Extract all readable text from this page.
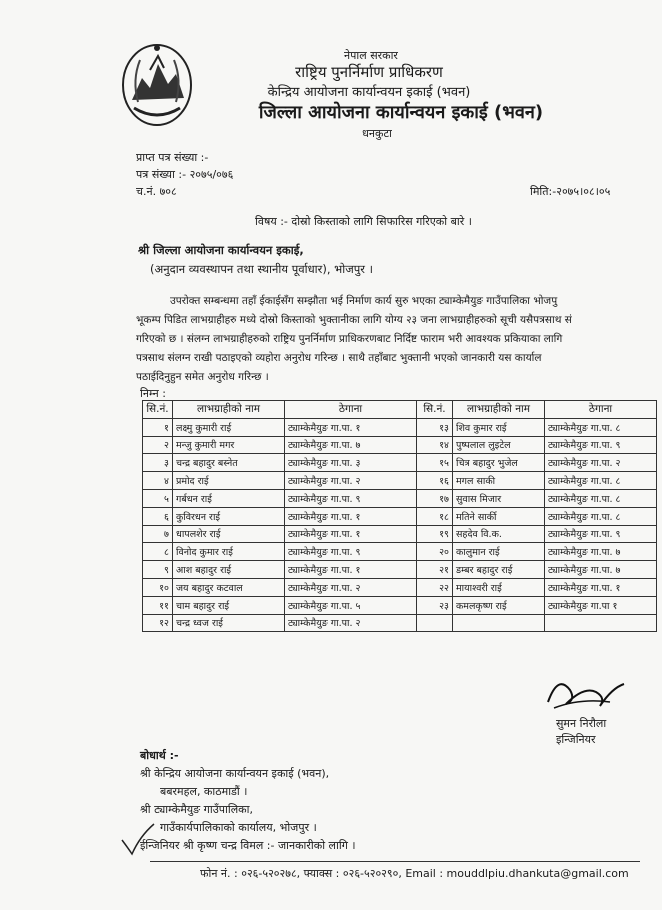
नेपाल सरकार
राष्ट्रिय पुनर्निर्माण प्राधिकरण
केन्द्रिय आयोजना कार्यान्वयन इकाई (भवन)
जिल्ला आयोजना कार्यान्वयन इकाई (भवन)
धनकुटा
प्राप्त पत्र संख्या :-
पत्र संख्या :- २०७५/०७६
च.नं. ७०८	मिति:-२०७५।०८।०५
विषय :- दोस्रो किस्ताको लागि सिफारिस गरिएको बारे ।
श्री जिल्ला आयोजना कार्यान्वयन इकाई,
(अनुदान व्यवस्थापन तथा स्थानीय पूर्वाधार), भोजपुर ।
उपरोक्त सम्बन्धमा तहाँ ईकाईसँग सम्झौता भई निर्माण कार्य सुरु भएका ट्याम्केमैयुङ गाउँपालिका भोजपु
भूकम्प पिडित लाभग्राहीहरु मध्ये दोस्रो किस्ताको भुक्तानीका लागि योग्य २३ जना लाभग्राहीहरुको सूची यसैपत्रसाथ सं
गरिएको छ । संलग्न लाभग्राहीहरुको राष्ट्रिय पुनर्निर्माण प्राधिकरणबाट निर्दिष्ट फाराम भरी आवश्यक प्रकियाका लागि
पत्रसाथ संलग्न राखी पठाइएको व्यहोरा अनुरोध गरिन्छ । साथै तहाँबाट भुक्तानी भएको जानकारी यस कार्याल
पठाईदिनुहुन समेत अनुरोध गरिन्छ ।
निम्न :
सि.नं.	लाभग्राहीको नाम	ठेगाना	सि.नं.	लाभग्राहीको नाम	ठेगाना
१	लक्ष्मु कुमारी राई	ट्याम्केमैयुङ गा.पा. १	१३	शिव कुमार राई	ट्याम्केमैयुङ गा.पा. ८
२	मन्जु कुमारी मगर	ट्याम्केमैयुङ गा.पा. ७	१४	पुष्पलाल लुइटेल	ट्याम्केमैयुङ गा.पा. ९
३	चन्द्र बहादुर बस्नेत	ट्याम्केमैयुङ गा.पा. ३	१५	चित्र बहादुर भुजेल	ट्याम्केमैयुङ गा.पा. २
४	प्रमोद राई	ट्याम्केमैयुङ गा.पा. २	१६	मगल साकी	ट्याम्केमैयुङ गा.पा. ८
५	गर्बधन राई	ट्याम्केमैयुङ गा.पा. ९	१७	सुवास मिजार	ट्याम्केमैयुङ गा.पा. ८
६	कुविरधन राई	ट्याम्केमैयुङ गा.पा. १	१८	मतिने सार्की	ट्याम्केमैयुङ गा.पा. ८
७	धापलशेर राई	ट्याम्केमैयुङ गा.पा. १	१९	सहदेव वि.क.	ट्याम्केमैयुङ गा.पा. ९
८	विनोद कुमार राई	ट्याम्केमैयुङ गा.पा. ९	२०	कालुमान राई	ट्याम्केमैयुङ गा.पा. ७
९	आश बहादुर राई	ट्याम्केमैयुङ गा.पा. १	२१	डम्बर बहादुर राई	ट्याम्केमैयुङ गा.पा. ७
१०	जय बहादुर कटवाल	ट्याम्केमैयुङ गा.पा. २	२२	मायाश्वरी राई	ट्याम्केमैयुङ गा.पा. १
११	चाम बहादुर राई	ट्याम्केमैयुङ गा.पा. ५	२३	कमलकृष्ण राई	ट्याम्केमैयुङ गा.पा १
१२	चन्द्र ध्वज राई	ट्याम्केमैयुङ गा.पा. २			
सुमन निरौला
इन्जिनियर
बोधार्थ :-
श्री केन्द्रिय आयोजना कार्यान्वयन इकाई (भवन),
बबरमहल, काठमाडौं ।
श्री ट्याम्केमैयुङ गाउँपालिका,
गाउँकार्यपालिकाको कार्यालय, भोजपुर ।
ईन्जिनियर श्री कृष्ण चन्द्र विमल :- जानकारीको लागि ।
फोन नं. : ०२६-५२०२७८, फ्याक्स : ०२६-५२०२९०, Email : mouddlpiu.dhankuta@gmail.com
